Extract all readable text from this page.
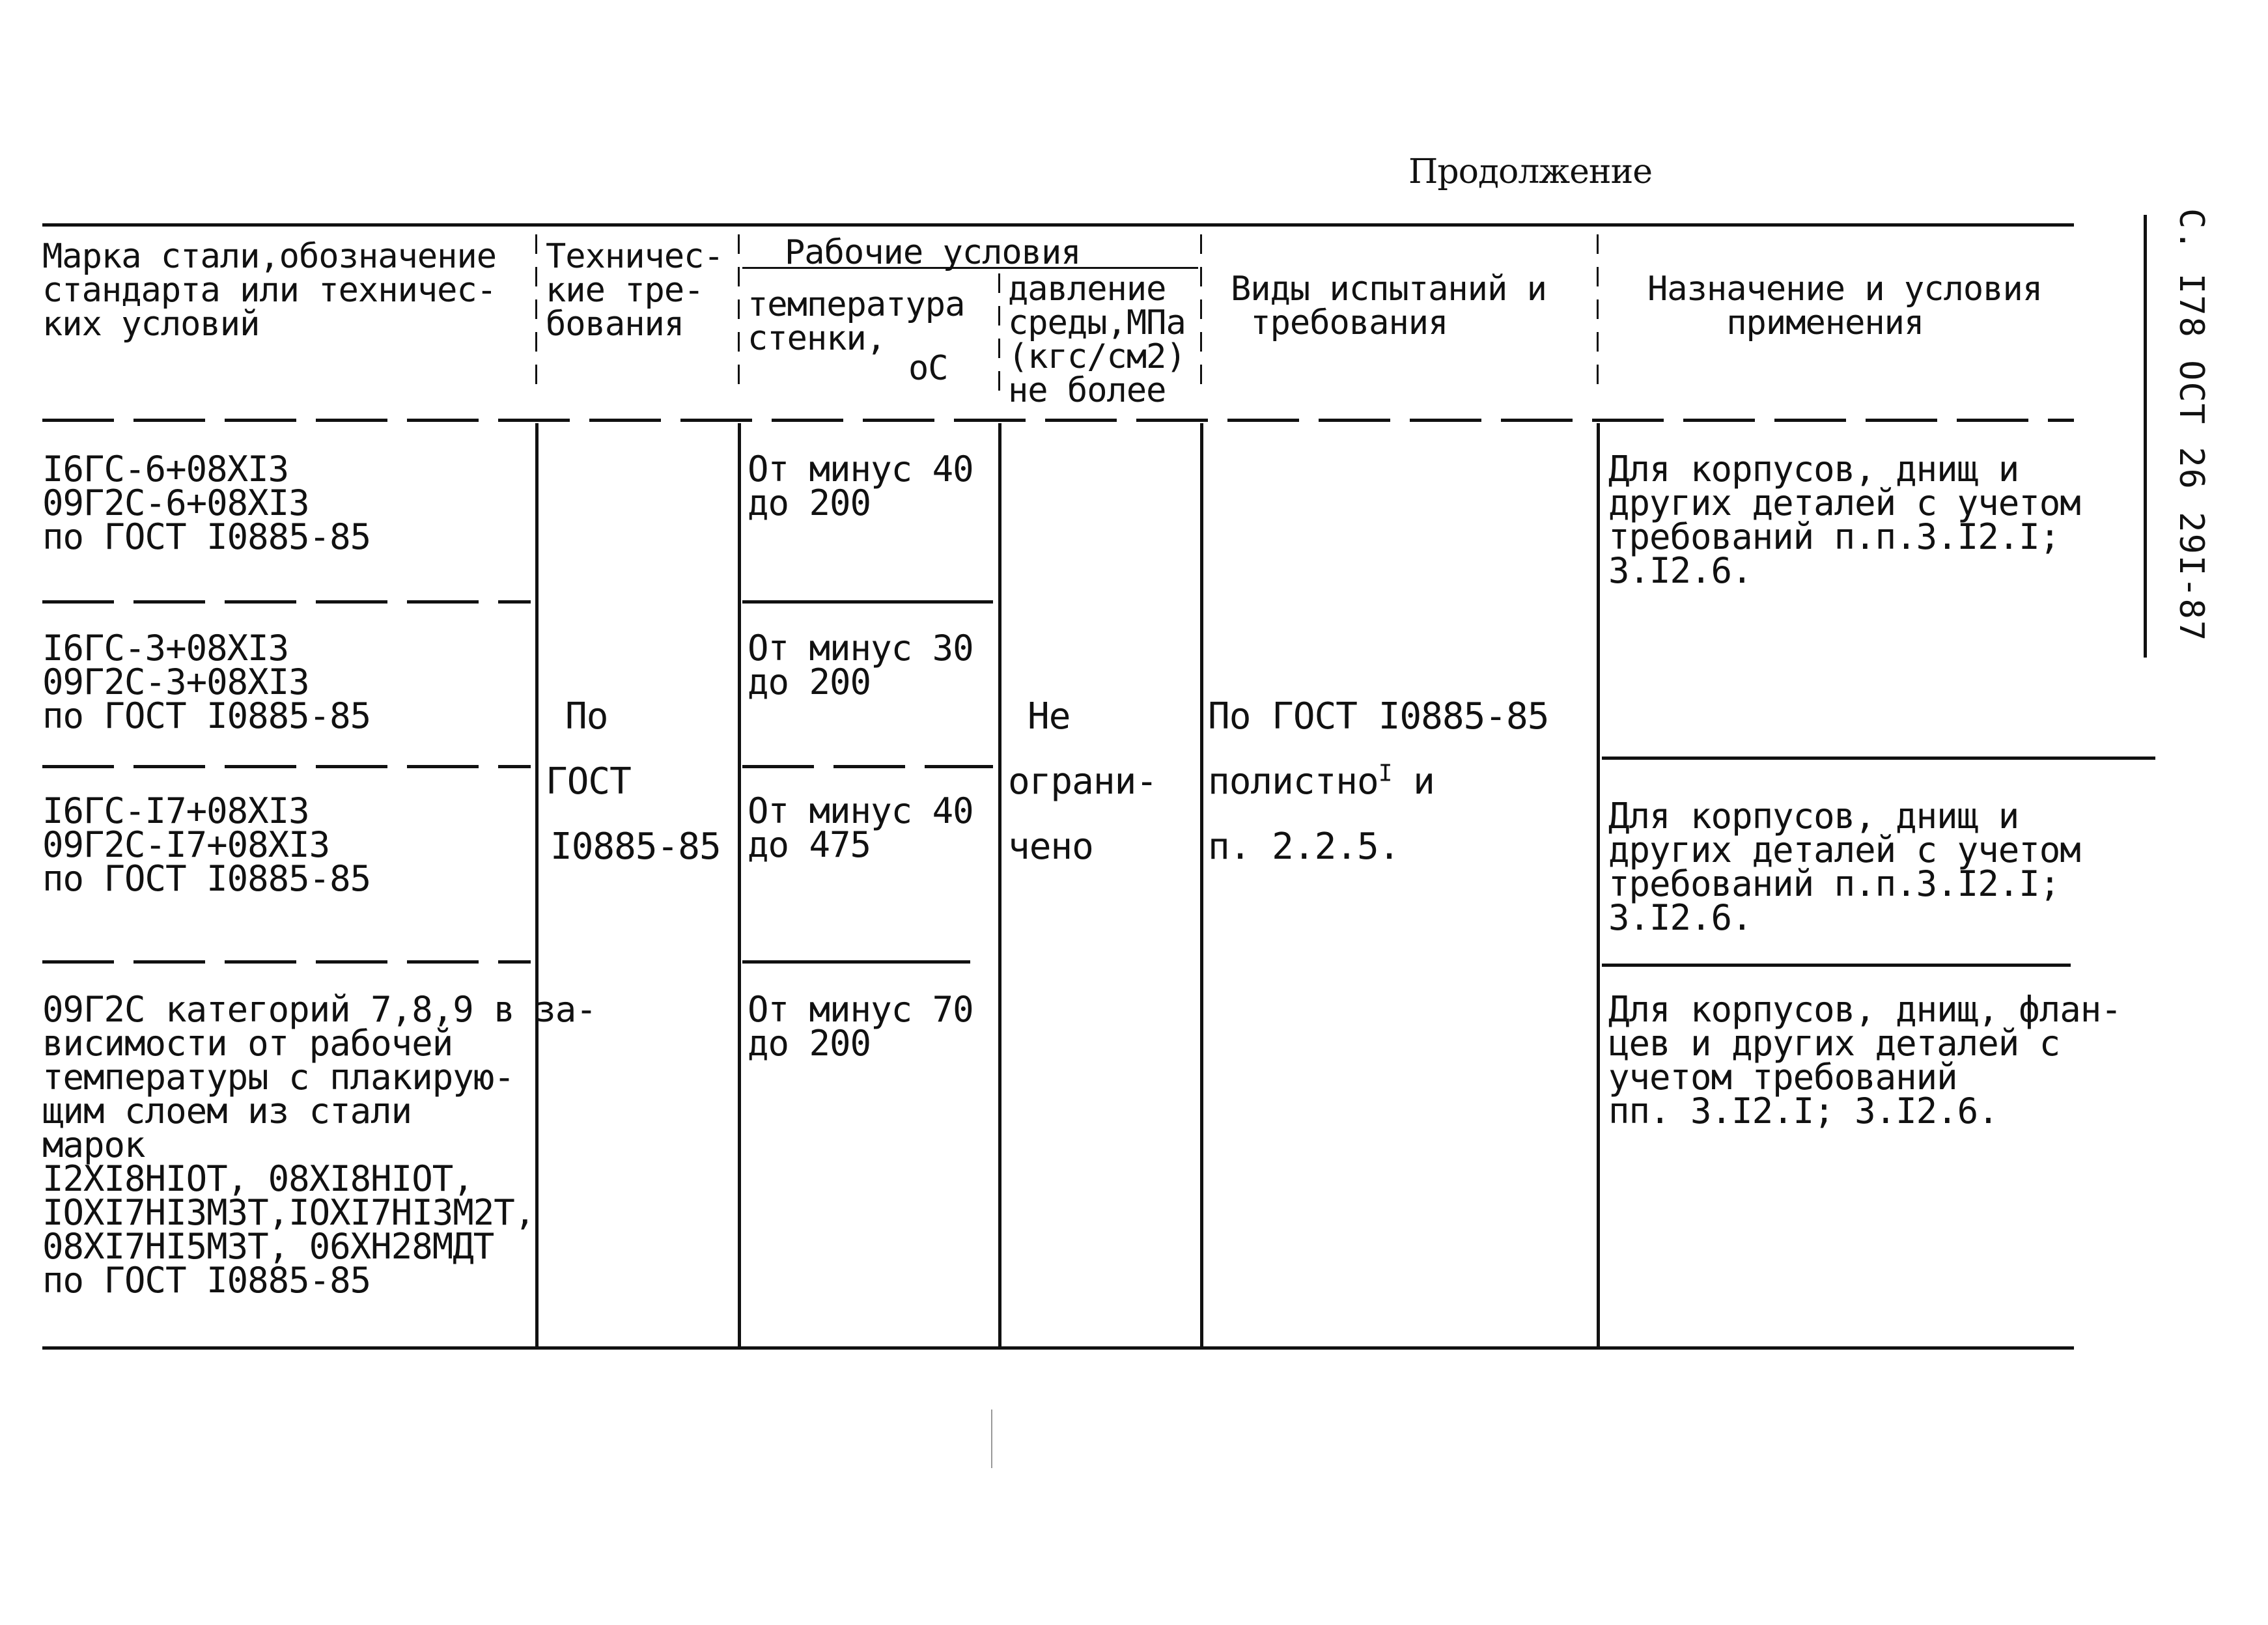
Продолжение
С. I78 ОСТ 26 29I-87
Марка стали,обозначение
стандарта или техничес-
ких условий
Техничес-
кие тре-
бования
Рабочие условия
температура
стенки,
оС
давление
среды,МПа
(кгс/см2)
не более
Виды испытаний и
требования
Назначение и условия
применения
I6ГС-6+08ХI3
09Г2С-6+08ХI3
по ГОСТ I0885-85
От минус 40
до 200
Для корпусов, днищ и
других деталей с учетом
требований п.п.3.I2.I;
3.I2.6.
I6ГС-3+08ХI3
09Г2С-3+08ХI3
по ГОСТ I0885-85
От минус 30
до 200
I6ГС-I7+08ХI3
09Г2С-I7+08ХI3
по ГОСТ I0885-85
От минус 40
до 475
Для корпусов, днищ и
других деталей с учетом
требований п.п.3.I2.I;
3.I2.6.
09Г2С категорий 7,8,9 в за-
висимости от рабочей
температуры с плакирую-
щим слоем из стали
марок
I2ХI8НIОТ, 08ХI8НIОТ,
IОХI7НI3М3Т,IОХI7НI3М2Т,
08ХI7НI5М3Т, 06ХН28МДТ
по ГОСТ I0885-85
От минус 70
до 200
Для корпусов, днищ, флан-
цев и других деталей с
учетом требований
пп. 3.I2.I; 3.I2.6.
По
ГОСТ
I0885-85
Не
ограни-
чено
По ГОСТ I0885-85
полистно$^I$ и
п. 2.2.5.
